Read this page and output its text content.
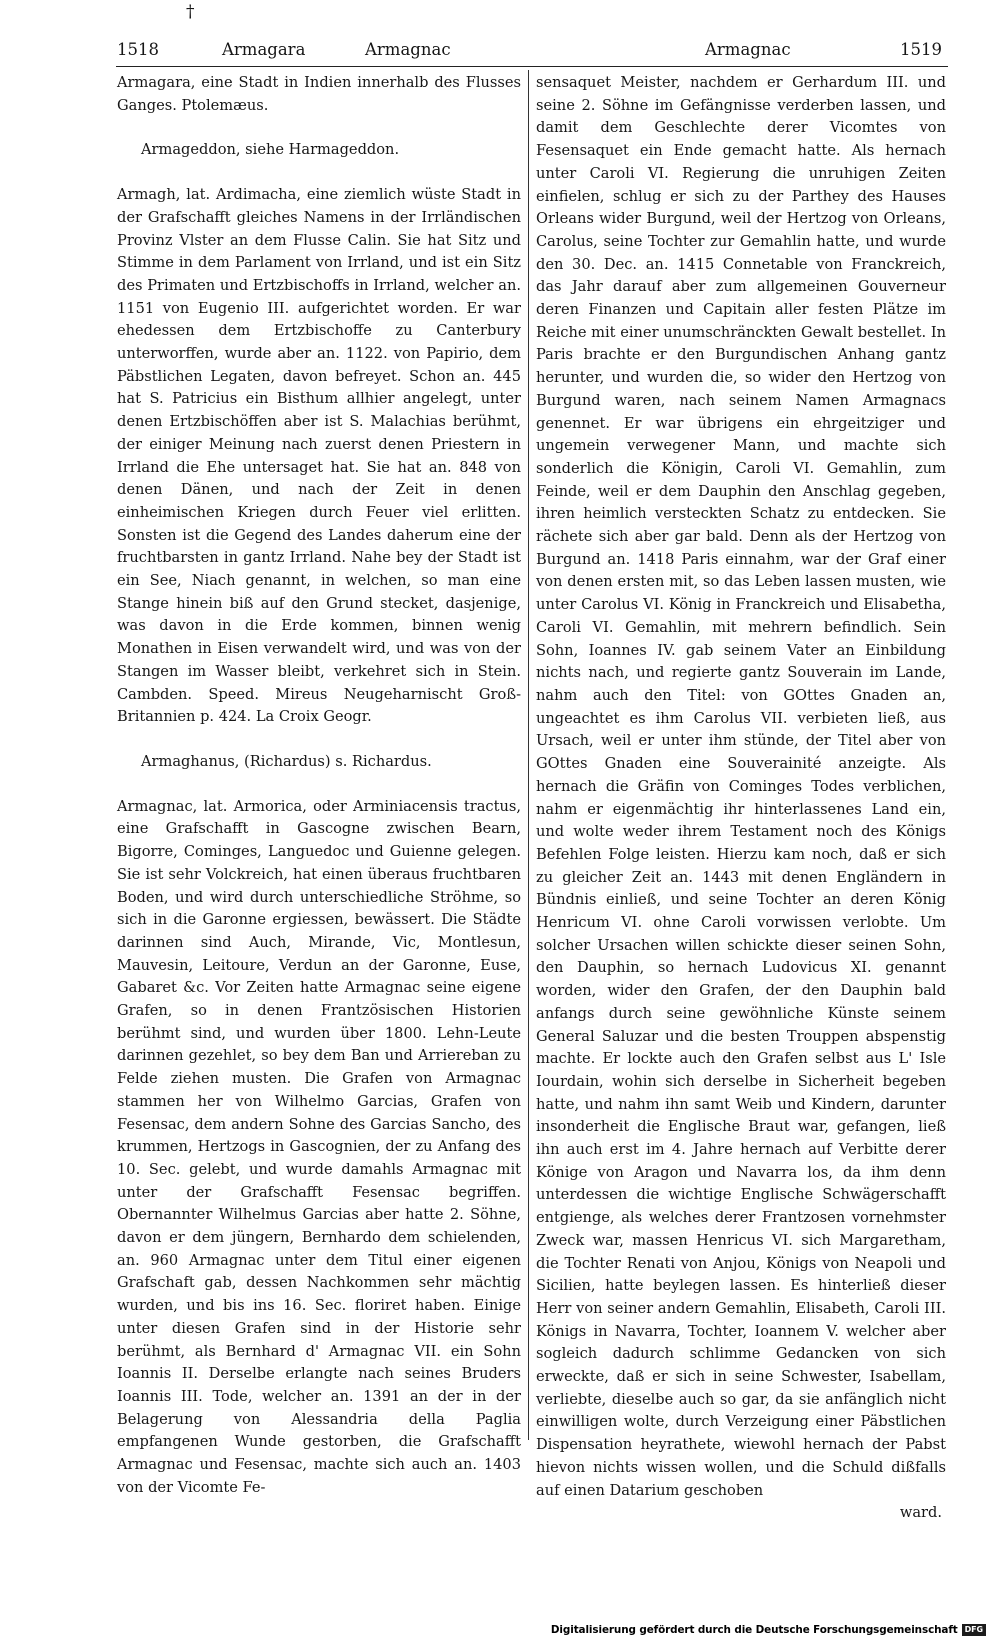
†
1518	Armagara	Armagnac	Armagnac	1519

Armagara, eine Stadt in Indien innerhalb des Flusses Ganges. Ptolemæus.

Armageddon, siehe Harmageddon.

Armagh, lat. Ardimacha, eine ziemlich wüste Stadt in der Grafschafft gleiches Namens in der Irrländischen Provinz Vlster an dem Flusse Calin. Sie hat Sitz und Stimme in dem Parlament von Irrland, und ist ein Sitz des Primaten und Ertzbischoffs in Irrland, welcher an. 1151 von Eugenio III. aufgerichtet worden. Er war ehedessen dem Ertzbischoffe zu Canterbury unterworffen, wurde aber an. 1122. von Papirio, dem Päbstlichen Legaten, davon befreyet. Schon an. 445 hat S. Patricius ein Bisthum allhier angelegt, unter denen Ertzbischöffen aber ist S. Malachias berühmt, der einiger Meinung nach zuerst denen Priestern in Irrland die Ehe untersaget hat. Sie hat an. 848 von denen Dänen, und nach der Zeit in denen einheimischen Kriegen durch Feuer viel erlitten. Sonsten ist die Gegend des Landes daherum eine der fruchtbarsten in gantz Irrland. Nahe bey der Stadt ist ein See, Niach genannt, in welchen, so man eine Stange hinein biß auf den Grund stecket, dasjenige, was davon in die Erde kommen, binnen wenig Monathen in Eisen verwandelt wird, und was von der Stangen im Wasser bleibt, verkehret sich in Stein. Cambden. Speed. Mireus Neugeharnischt Groß-Britannien p. 424. La Croix Geogr.

Armaghanus, (Richardus) s. Richardus.

Armagnac, lat. Armorica, oder Arminiacensis tractus, eine Grafschafft in Gascogne zwischen Bearn, Bigorre, Cominges, Languedoc und Guienne gelegen. Sie ist sehr Volckreich, hat einen überaus fruchtbaren Boden, und wird durch unterschiedliche Ströhme, so sich in die Garonne ergiessen, bewässert. Die Städte darinnen sind Auch, Mirande, Vic, Montlesun, Mauvesin, Leitoure, Verdun an der Garonne, Euse, Gabaret &c. Vor Zeiten hatte Armagnac seine eigene Grafen, so in denen Frantzösischen Historien berühmt sind, und wurden über 1800. Lehn-Leute darinnen gezehlet, so bey dem Ban und Arriereban zu Felde ziehen musten. Die Grafen von Armagnac stammen her von Wilhelmo Garcias, Grafen von Fesensac, dem andern Sohne des Garcias Sancho, des krummen, Hertzogs in Gascognien, der zu Anfang des 10. Sec. gelebt, und wurde damahls Armagnac mit unter der Grafschafft Fesensac begriffen. Obernannter Wilhelmus Garcias aber hatte 2. Söhne, davon er dem jüngern, Bernhardo dem schielenden, an. 960 Armagnac unter dem Titul einer eigenen Grafschaft gab, dessen Nachkommen sehr mächtig wurden, und bis ins 16. Sec. floriret haben. Einige unter diesen Grafen sind in der Historie sehr berühmt, als Bernhard d' Armagnac VII. ein Sohn Ioannis II. Derselbe erlangte nach seines Bruders Ioannis III. Tode, welcher an. 1391 an der in der Belagerung von Alessandria della Paglia empfangenen Wunde gestorben, die Grafschafft Armagnac und Fesensac, machte sich auch an. 1403 von der Vicomte Fe-

sensaquet Meister, nachdem er Gerhardum III. und seine 2. Söhne im Gefängnisse verderben lassen, und damit dem Geschlechte derer Vicomtes von Fesensaquet ein Ende gemacht hatte. Als hernach unter Caroli VI. Regierung die unruhigen Zeiten einfielen, schlug er sich zu der Parthey des Hauses Orleans wider Burgund, weil der Hertzog von Orleans, Carolus, seine Tochter zur Gemahlin hatte, und wurde den 30. Dec. an. 1415 Connetable von Franckreich, das Jahr darauf aber zum allgemeinen Gouverneur deren Finanzen und Capitain aller festen Plätze im Reiche mit einer unumschränckten Gewalt bestellet. In Paris brachte er den Burgundischen Anhang gantz herunter, und wurden die, so wider den Hertzog von Burgund waren, nach seinem Namen Armagnacs genennet. Er war übrigens ein ehrgeitziger und ungemein verwegener Mann, und machte sich sonderlich die Königin, Caroli VI. Gemahlin, zum Feinde, weil er dem Dauphin den Anschlag gegeben, ihren heimlich versteckten Schatz zu entdecken. Sie rächete sich aber gar bald. Denn als der Hertzog von Burgund an. 1418 Paris einnahm, war der Graf einer von denen ersten mit, so das Leben lassen musten, wie unter Carolus VI. König in Franckreich und Elisabetha, Caroli VI. Gemahlin, mit mehrern befindlich. Sein Sohn, Ioannes IV. gab seinem Vater an Einbildung nichts nach, und regierte gantz Souverain im Lande, nahm auch den Titel: von GOttes Gnaden an, ungeachtet es ihm Carolus VII. verbieten ließ, aus Ursach, weil er unter ihm stünde, der Titel aber von GOttes Gnaden eine Souverainité anzeigte. Als hernach die Gräfin von Cominges Todes verblichen, nahm er eigenmächtig ihr hinterlassenes Land ein, und wolte weder ihrem Testament noch des Königs Befehlen Folge leisten. Hierzu kam noch, daß er sich zu gleicher Zeit an. 1443 mit denen Engländern in Bündnis einließ, und seine Tochter an deren König Henricum VI. ohne Caroli vorwissen verlobte. Um solcher Ursachen willen schickte dieser seinen Sohn, den Dauphin, so hernach Ludovicus XI. genannt worden, wider den Grafen, der den Dauphin bald anfangs durch seine gewöhnliche Künste seinem General Saluzar und die besten Trouppen abspenstig machte. Er lockte auch den Grafen selbst aus L' Isle Iourdain, wohin sich derselbe in Sicherheit begeben hatte, und nahm ihn samt Weib und Kindern, darunter insonderheit die Englische Braut war, gefangen, ließ ihn auch erst im 4. Jahre hernach auf Verbitte derer Könige von Aragon und Navarra los, da ihm denn unterdessen die wichtige Englische Schwägerschafft entgienge, als welches derer Frantzosen vornehmster Zweck war, massen Henricus VI. sich Margaretham, die Tochter Renati von Anjou, Königs von Neapoli und Sicilien, hatte beylegen lassen. Es hinterließ dieser Herr von seiner andern Gemahlin, Elisabeth, Caroli III. Königs in Navarra, Tochter, Ioannem V. welcher aber sogleich dadurch schlimme Gedancken von sich erweckte, daß er sich in seine Schwester, Isabellam, verliebte, dieselbe auch so gar, da sie anfänglich nicht einwilligen wolte, durch Verzeigung einer Päbstlichen Dispensation heyrathete, wiewohl hernach der Pabst hievon nichts wissen wollen, und die Schuld dißfalls auf einen Datarium geschoben

ward.
Digitalisierung gefördert durch die Deutsche Forschungsgemeinschaft DFG
